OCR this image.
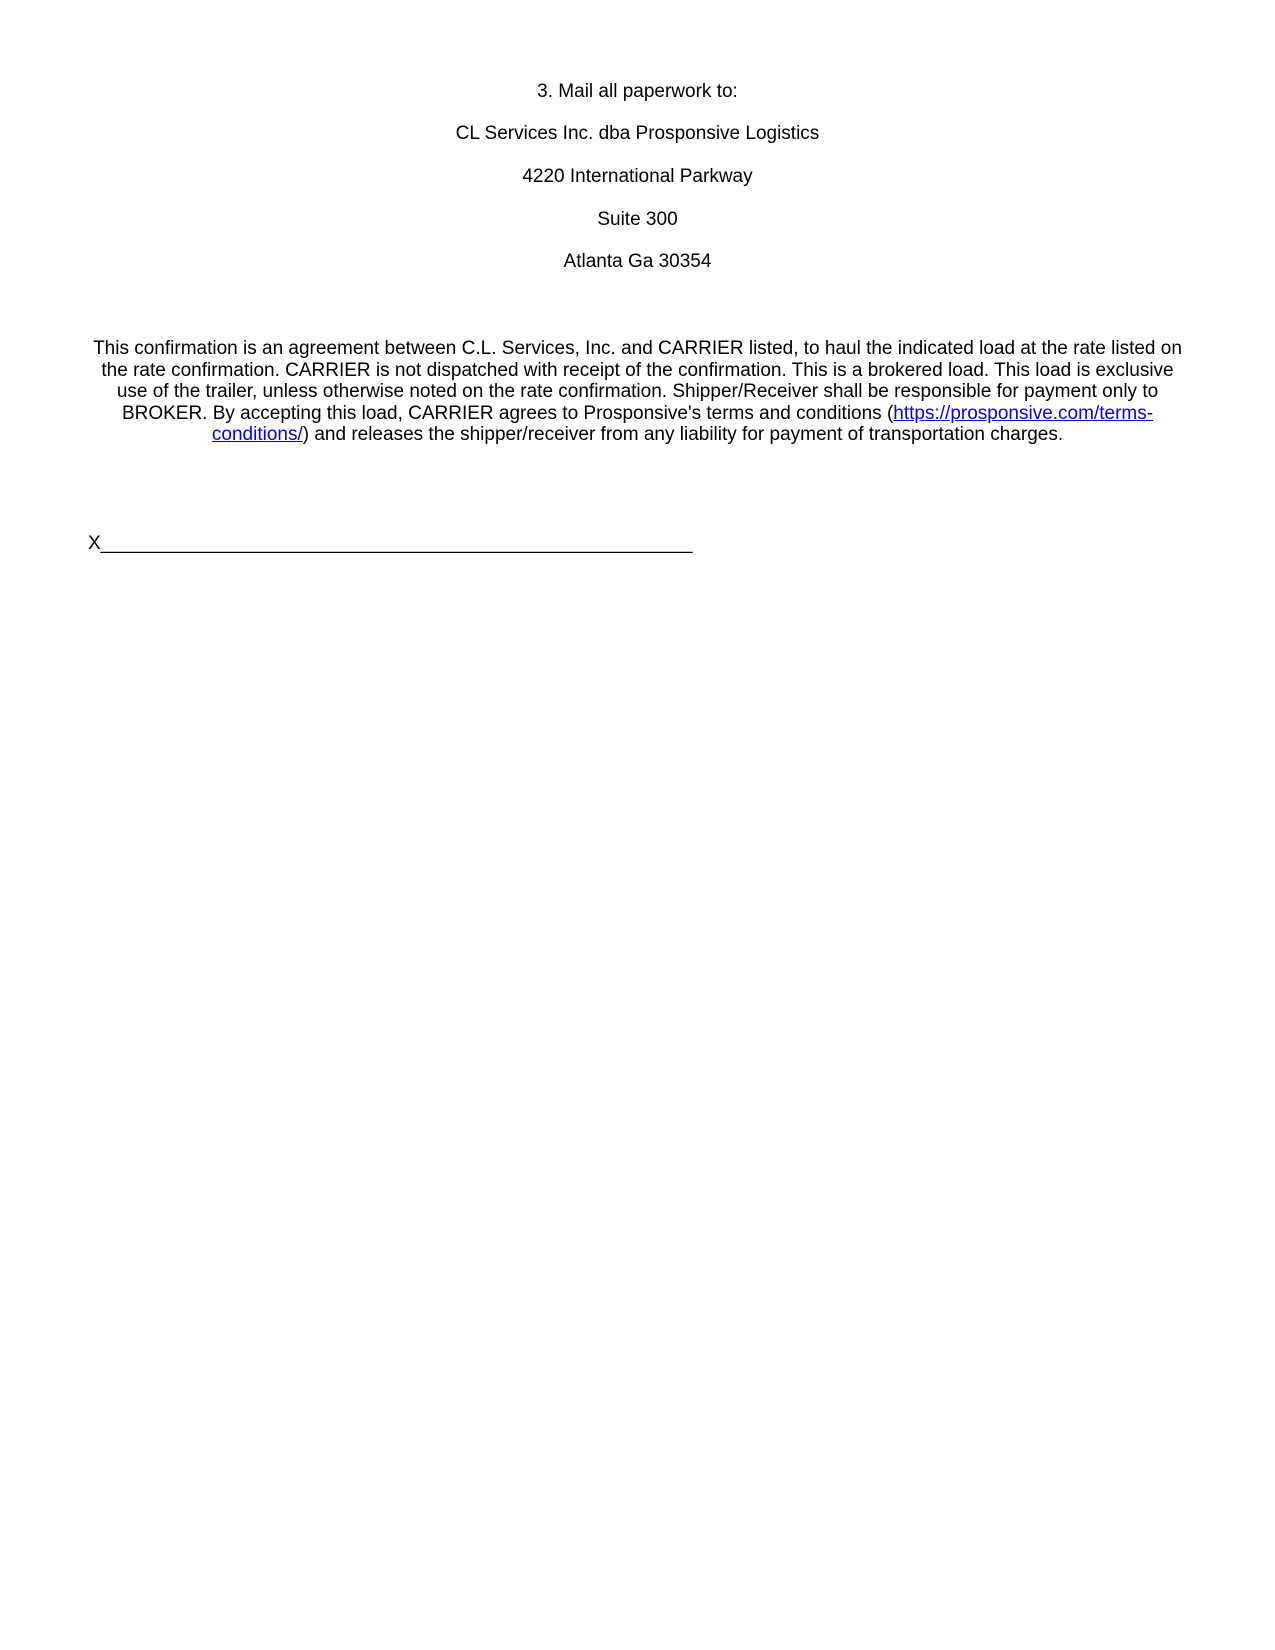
3. Mail all paperwork to:
CL Services Inc. dba Prosponsive Logistics
4220 International Parkway
Suite 300
Atlanta Ga 30354
This confirmation is an agreement between C.L. Services, Inc. and CARRIER listed, to haul the indicated load at the rate listed on the rate confirmation. CARRIER is not dispatched with receipt of the confirmation. This is a brokered load. This load is exclusive use of the trailer, unless otherwise noted on the rate confirmation. Shipper/Receiver shall be responsible for payment only to BROKER. By accepting this load, CARRIER agrees to Prosponsive's terms and conditions (https://prosponsive.com/terms-conditions/) and releases the shipper/receiver from any liability for payment of transportation charges.
X________________________________________________________
